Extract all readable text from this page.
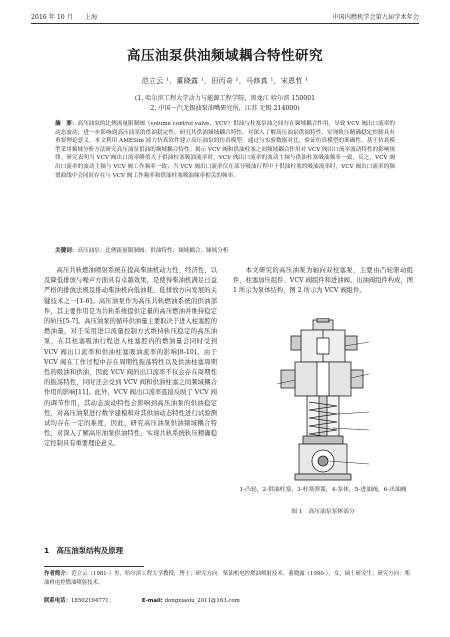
2016 年 10 月 上海	中国内燃机学会第九届学术年会
高压油泵供油频域耦合特性研究
范立云 ¹，董晓露 ¹，田丙奇 ²，马修真 ¹，宋恩哲 ¹
(1. 哈尔滨工程大学动力与能源工程学院，黑龙江 哈尔滨 150001
2. 中国一汽无锡油泵油嘴研究所，江苏 无锡 214000)
摘　要：高压油泵的比例流量限制阀（volume control valve，VCV）供油与柱塞泵油之间存在频域耦合作用，导致 VCV 阀出口流率的动态波动，进一步影响到高压油泵的供油稳定性，研究其供油频域耦合特性，对深入了解高压油泵供油特性，实现轨压精确稳定控制具有重要理论意义。本文利用 AMESim 液力仿真软件建立高压油泵的仿真模型，通过与实验数据对比，验证仿真模型的准确性。基于仿真模型采用频域分析方法研究高压油泵供油的频域耦合特性。揭示 VCV 阀和供油柱塞之间频域耦合作用对 VCV 阀出口流率波动特性的影响规律。研究表明当 VCV 阀出口流率峰值大于供油柱塞吸油流率时，VCV 阀出口流率的波动主频与供油柱塞吸油频率一致，反之，VCV 阀出口流率的波动主频与 VCV 阀工作频率一致；当 VCV 阀出口流率仅在部分吸油行程中于供油柱塞的吸油流率时，VCV 阀出口流率的频谱曲线中会同时存在与 VCV 阀工作频率和供油柱塞吸油频率相关的频率。
关键词：高压油泵；比例流量限制阀；供油特性；频域耦合；频域分析

高压共轨燃油喷射系统在提高柴油机动力性、经济性、以及降低排放与噪声方面具有卓越效果，是使得柴油机满足日益严格的排放法规及推动柴油机向低油耗、低排放方向发展的关键技术之一[1-6]。高压油泵作为高压共轨燃油系统的供油部件，其主要作用是为共轨系统提供定量的高压燃油并维持稳定的轨压[5-7]。高压油泵的循环供油量主要取决于进入柱塞腔的燃油量，对于采用进口流量控制方式维持轨压稳定的高压油泵，在其柱塞吸油行程进入柱塞腔内的燃油量会同时受到 VCV 阀出口流率和供油柱塞吸油流率的影响[8-10]。由于 VCV 阀在工作过程中存在周期性振荡特性以及供油柱塞周期性的吸油和供油，因此 VCV 阀的出口流率不仅会存在周期性的振荡特性，同时还会受到 VCV 阀和供油柱塞之间频域耦合作用的影响[11]。此外，VCV 阀出口流率直接反映了 VCV 阀的调节作用，其动态波动特性会影响到高压油泵的供油稳定性，对高压油泵进行数学建模和对其供油动态特性进行试验测试均存在一定的难度，因此，研究高压油泵供油频域耦合特性，对深入了解高压油泵供油特性，实现共轨系统轨压精确稳定控制具有重要理论意义。

1　高压油泵结构及原理
本文研究的高压油泵为轴向双柱塞泵，主要由凸轮驱动组件、柱塞加压组件、VCV 阀组件和进油阀、出油阀组件构成，图 1 所示为泵体结构，图 2 所示为 VCV 阀组件。
1-凸轮，2-供油柱塞，3-柱塞弹簧，4-泵体，5-进油阀，6-出油阀
图 1　高压油泵泵体部分
作者简介：范立云（1981-）男，哈尔滨工程大学教授，博士；研究方向：柴油机电控燃油喷射技术。董晓露（1990-），女，硕士研究生；研究方向：柴油机电控燃油喷射技术。
联系电话：18502194771；	E-mail: dongxiaolu_2011@163.com
